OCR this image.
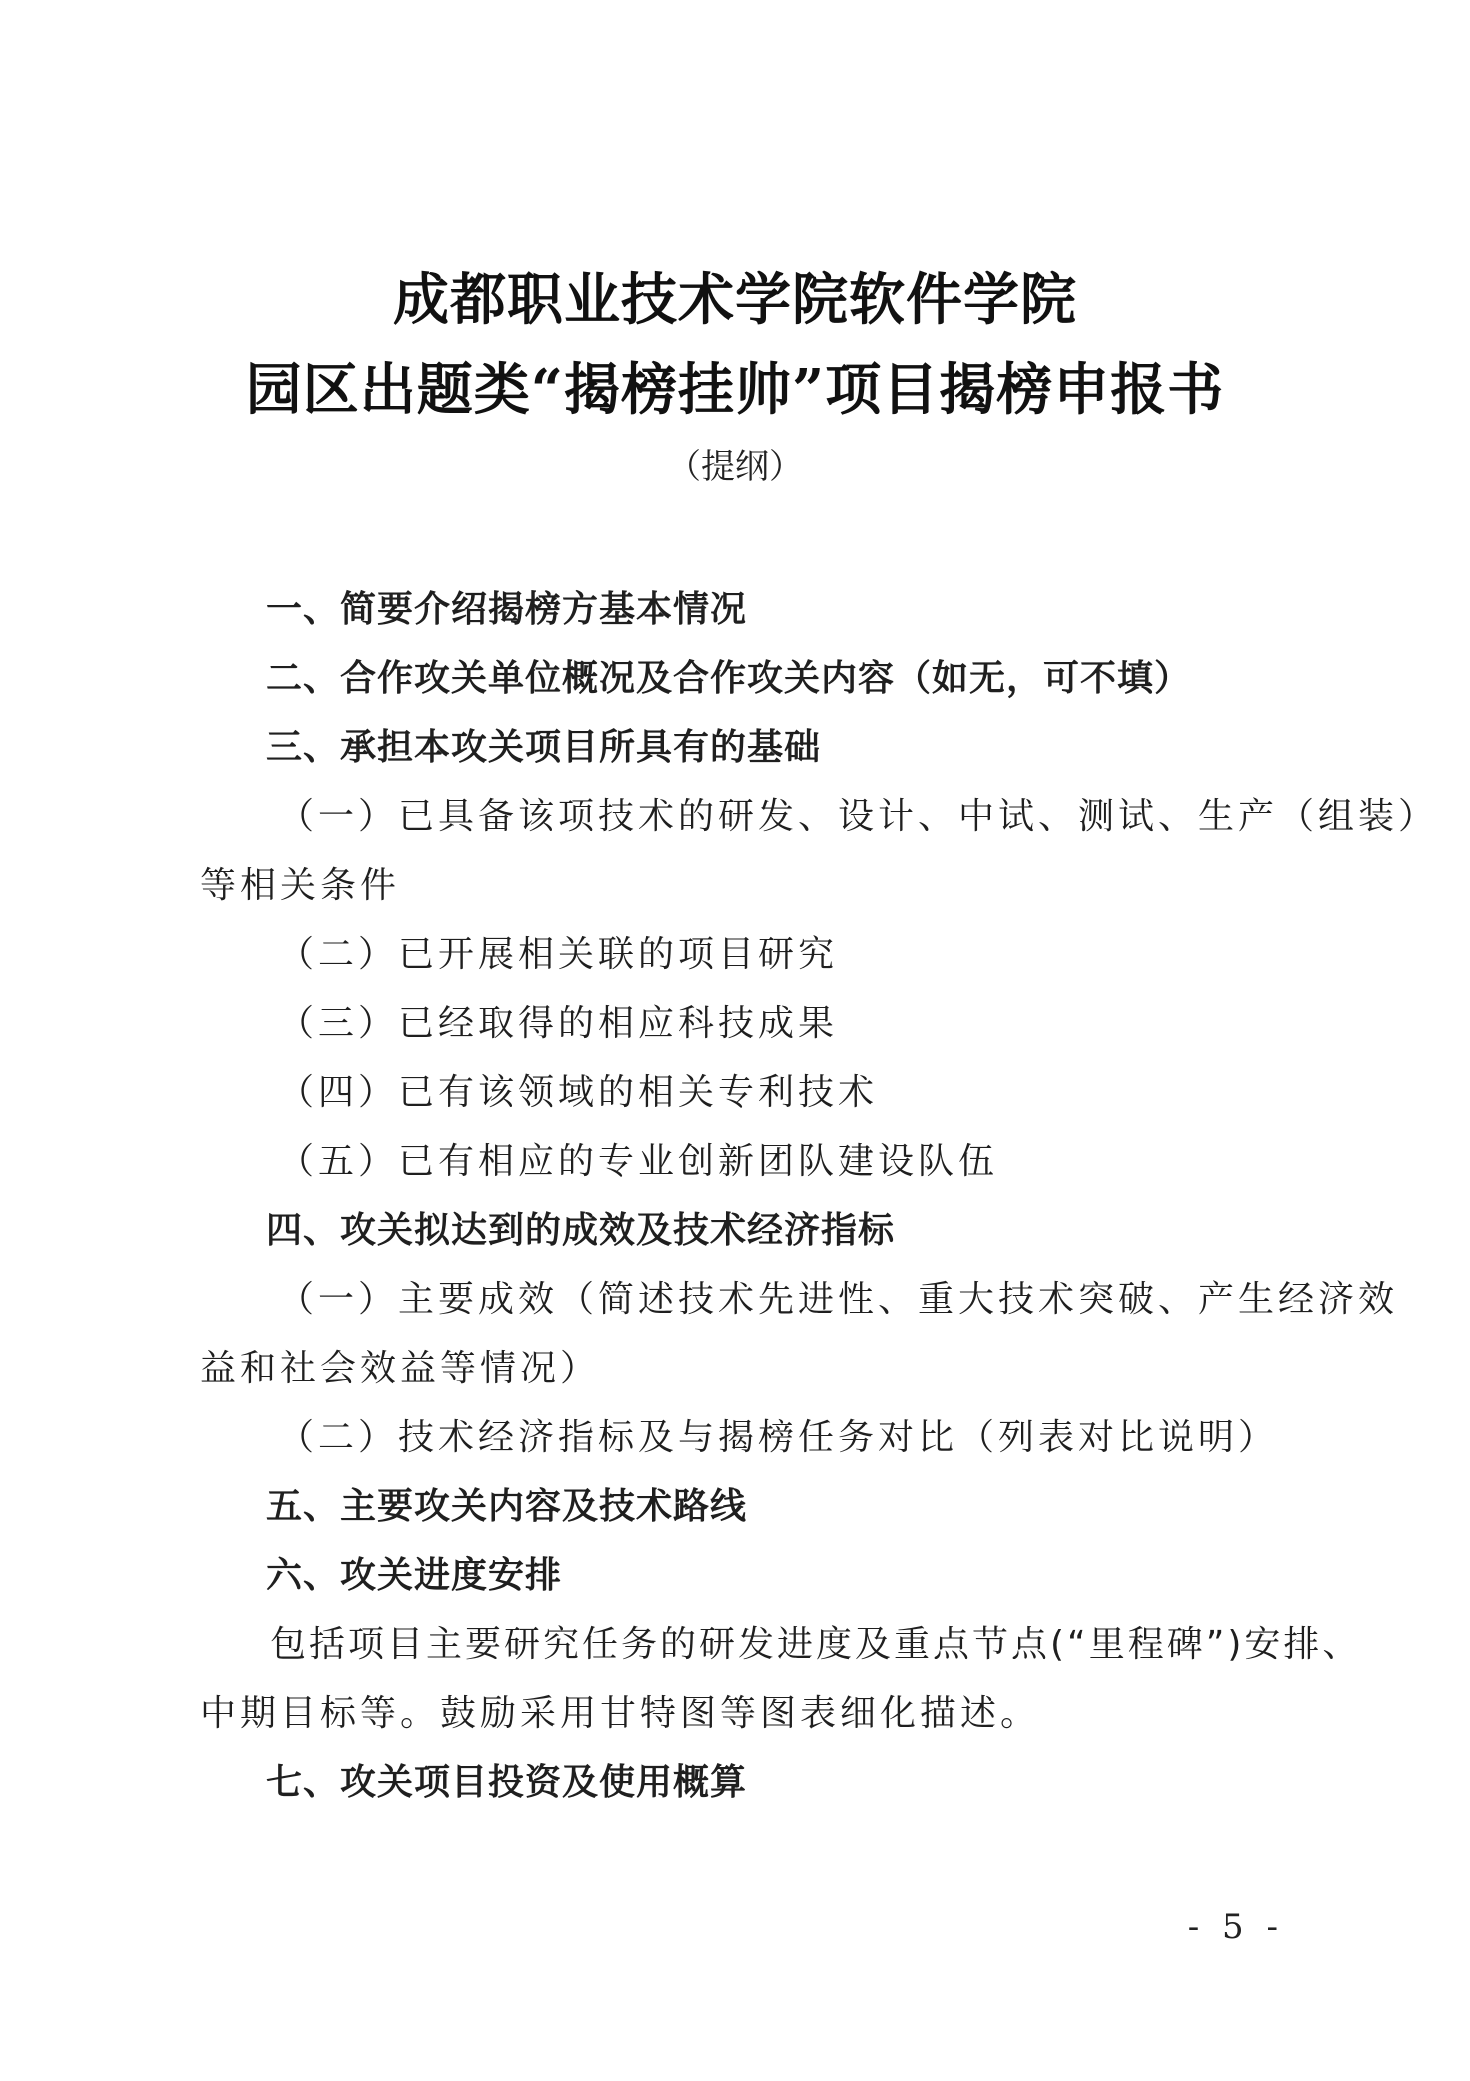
成都职业技术学院软件学院
园区出题类“揭榜挂帅”项目揭榜申报书
（提纲）
一、简要介绍揭榜方基本情况
二、合作攻关单位概况及合作攻关内容（如无，可不填）
三、承担本攻关项目所具有的基础
（一）已具备该项技术的研发、设计、中试、测试、生产（组装）
等相关条件
（二）已开展相关联的项目研究
（三）已经取得的相应科技成果
（四）已有该领域的相关专利技术
（五）已有相应的专业创新团队建设队伍
四、攻关拟达到的成效及技术经济指标
（一）主要成效（简述技术先进性、重大技术突破、产生经济效
益和社会效益等情况）
（二）技术经济指标及与揭榜任务对比（列表对比说明）
五、主要攻关内容及技术路线
六、攻关进度安排
包括项目主要研究任务的研发进度及重点节点(“里程碑”)安排、
中期目标等。鼓励采用甘特图等图表细化描述。
七、攻关项目投资及使用概算
- 5 -
